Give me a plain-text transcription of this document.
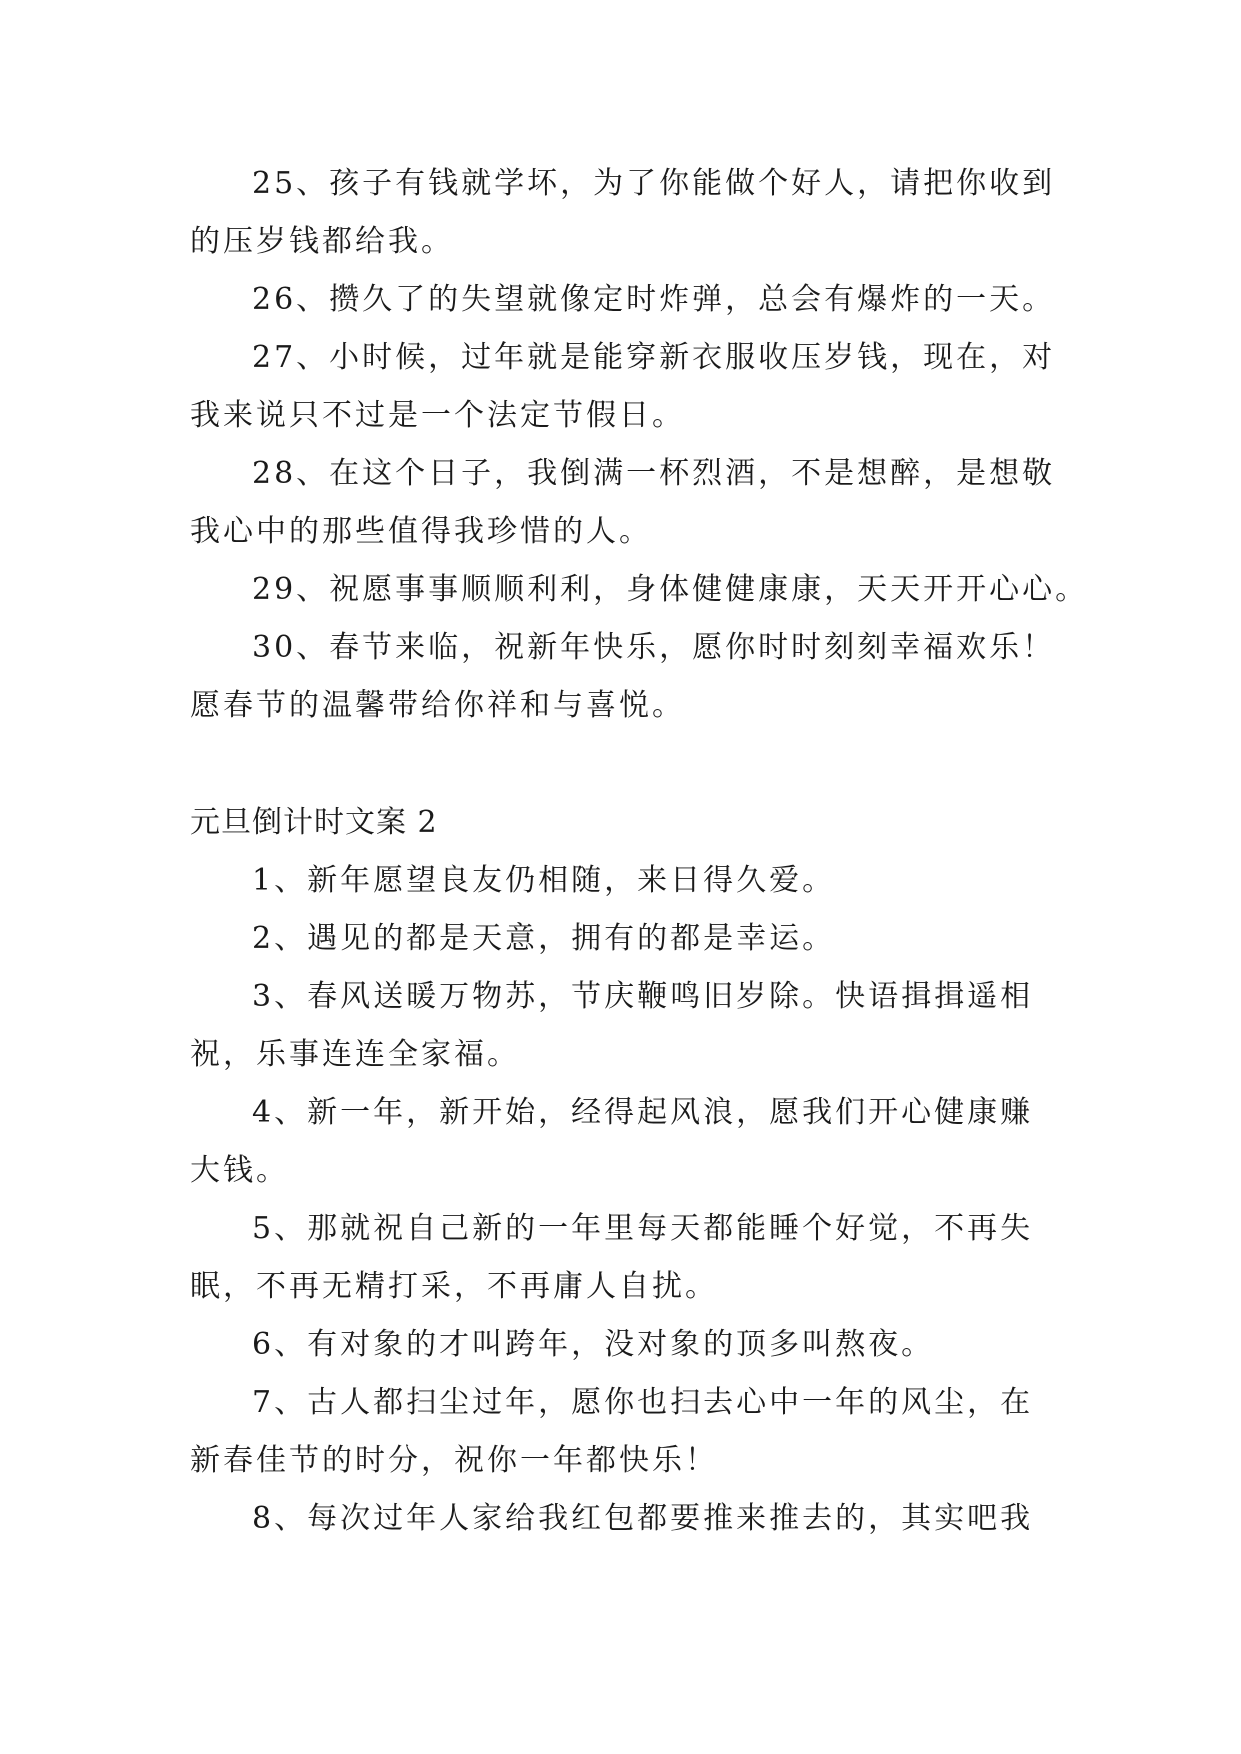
25、孩子有钱就学坏，为了你能做个好人，请把你收到
的压岁钱都给我。
26、攒久了的失望就像定时炸弹，总会有爆炸的一天。
27、小时候，过年就是能穿新衣服收压岁钱，现在，对
我来说只不过是一个法定节假日。
28、在这个日子，我倒满一杯烈酒，不是想醉，是想敬
我心中的那些值得我珍惜的人。
29、祝愿事事顺顺利利，身体健健康康，天天开开心心。
30、春节来临，祝新年快乐，愿你时时刻刻幸福欢乐！
愿春节的温馨带给你祥和与喜悦。
元旦倒计时文案 2
1、新年愿望良友仍相随，来日得久爱。
2、遇见的都是天意，拥有的都是幸运。
3、春风送暖万物苏，节庆鞭鸣旧岁除。快语揖揖遥相
祝，乐事连连全家福。
4、新一年，新开始，经得起风浪，愿我们开心健康赚
大钱。
5、那就祝自己新的一年里每天都能睡个好觉，不再失
眠，不再无精打采，不再庸人自扰。
6、有对象的才叫跨年，没对象的顶多叫熬夜。
7、古人都扫尘过年，愿你也扫去心中一年的风尘，在
新春佳节的时分，祝你一年都快乐！
8、每次过年人家给我红包都要推来推去的，其实吧我
